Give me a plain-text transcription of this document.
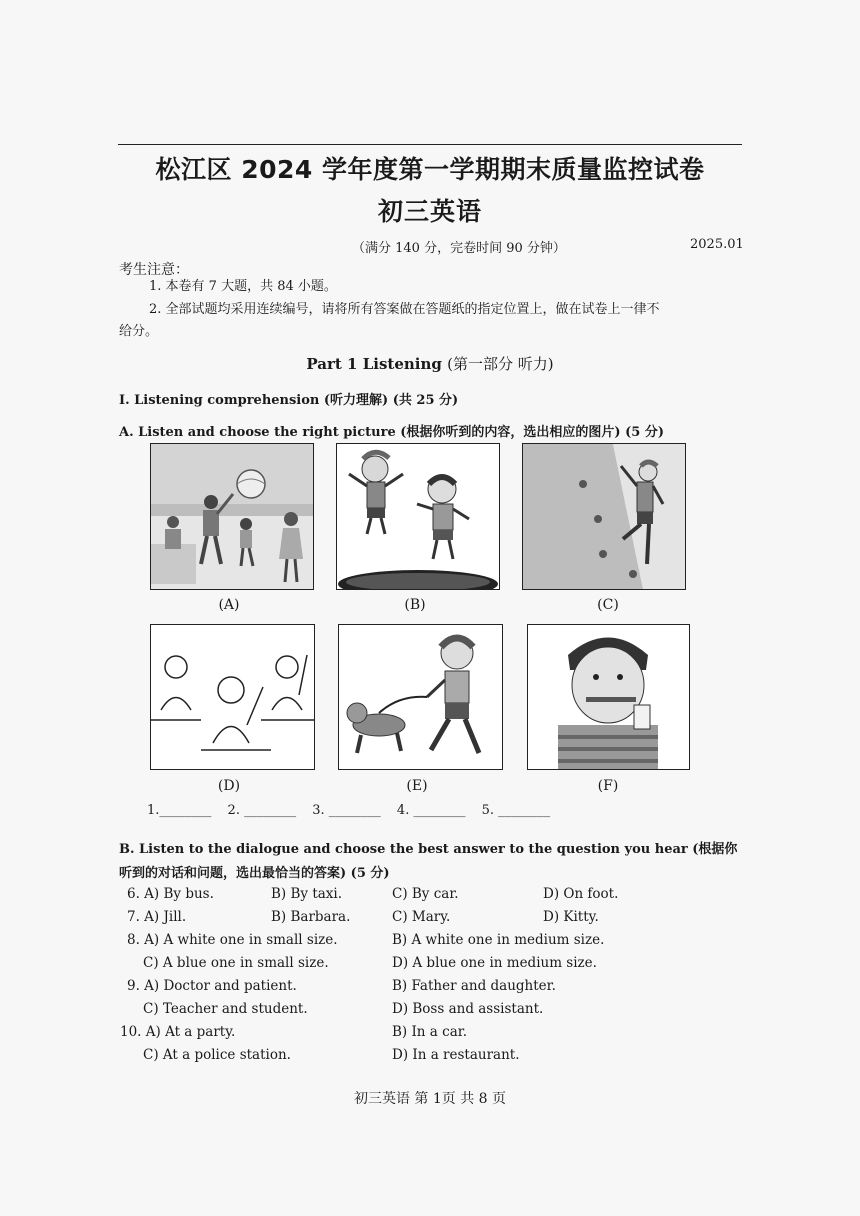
松江区 2024 学年度第一学期期末质量监控试卷
初三英语
（满分 140 分，完卷时间 90 分钟）	2025.01
考生注意：
1. 本卷有 7 大题，共 84 小题。
2. 全部试题均采用连续编号，请将所有答案做在答题纸的指定位置上，做在试卷上一律不
给分。
Part 1 Listening (第一部分 听力)
I. Listening comprehension (听力理解) (共 25 分)
A. Listen and choose the right picture (根据你听到的内容，选出相应的图片) (5 分)
(A)	(B)	(C)
(D)	(E)	(F)
1.________ 2. ________ 3. ________ 4. ________ 5. ________
B. Listen to the dialogue and choose the best answer to the question you hear (根据你听到的对话和问题，选出最恰当的答案) (5 分)
6. A) By bus.	B) By taxi.	C) By car.	D) On foot.
7. A) Jill.	B) Barbara.	C) Mary.	D) Kitty.
8. A) A white one in small size.	B) A white one in medium size.
C) A blue one in small size.	D) A blue one in medium size.
9. A) Doctor and patient.	B) Father and daughter.
C) Teacher and student.	D) Boss and assistant.
10. A) At a party.	B) In a car.
C) At a police station.	D) In a restaurant.
初三英语 第 1页 共 8 页
